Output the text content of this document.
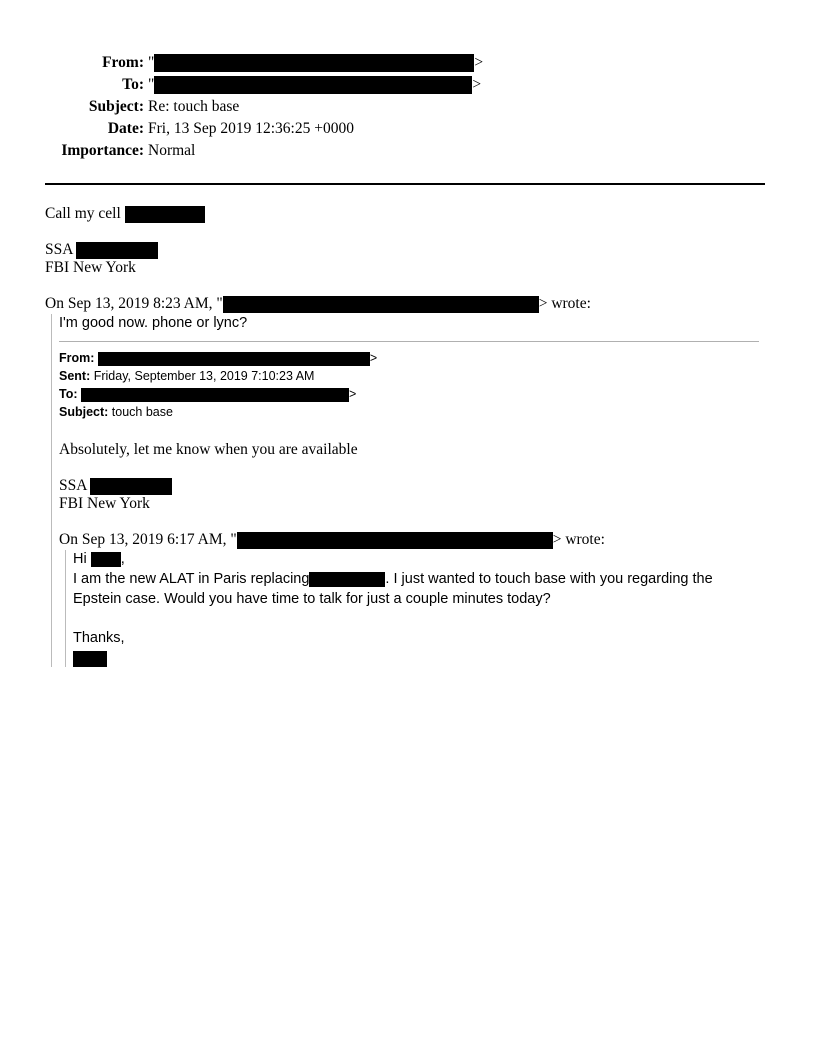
From: "	>
To: "	>
Subject: Re: touch base
Date: Fri, 13 Sep 2019 12:36:25 +0000
Importance: Normal
Call my cell
SSA
FBI New York
On Sep 13, 2019 8:23 AM, "	> wrote:
I'm good now. phone or lync?
From:	>
Sent: Friday, September 13, 2019 7:10:23 AM
To:	>
Subject: touch base
Absolutely, let me know when you are available
SSA
FBI New York
On Sep 13, 2019 6:17 AM, "	> wrote:
Hi ,
I am the new ALAT in Paris replacing	. I just wanted to touch base with you regarding the
Epstein case. Would you have time to talk for just a couple minutes today?
Thanks,
